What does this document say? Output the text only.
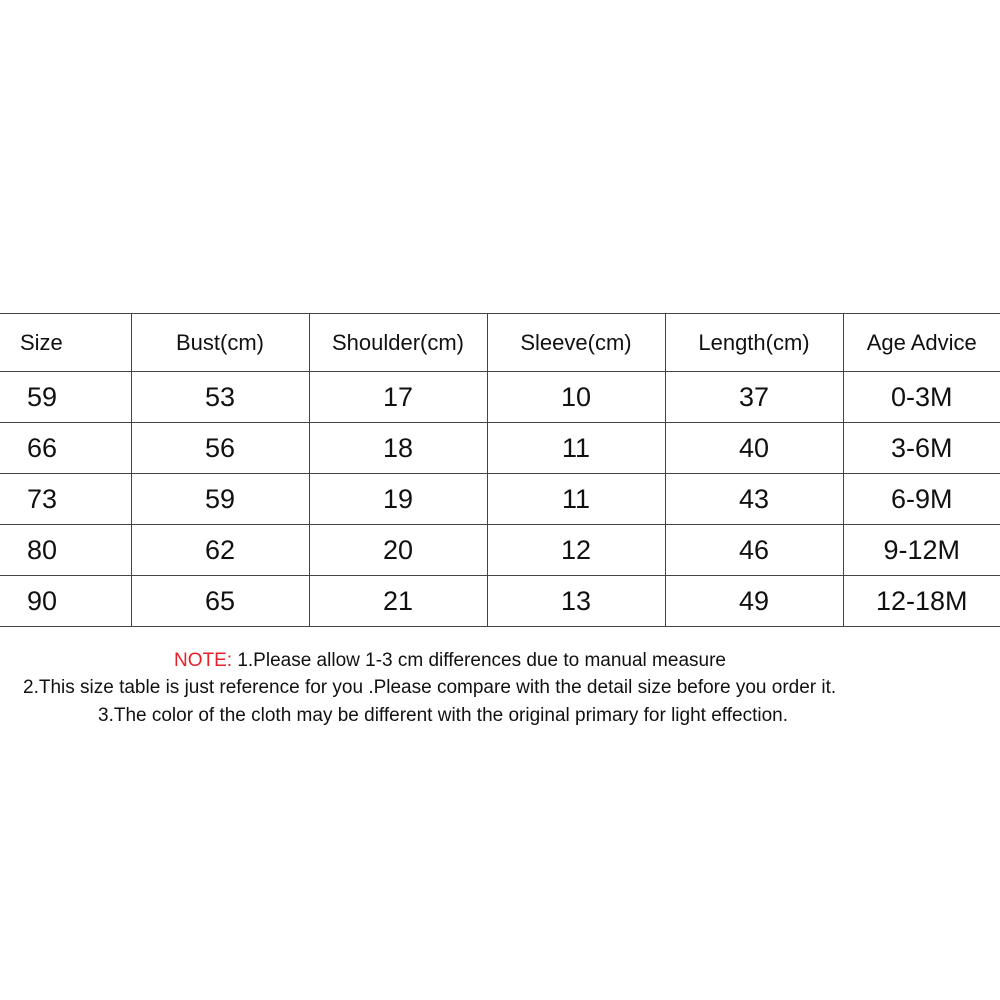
Size	Bust(cm)	Shoulder(cm)	Sleeve(cm)	Length(cm)	Age Advice
59	53	17	10	37	0-3M
66	56	18	11	40	3-6M
73	59	19	11	43	6-9M
80	62	20	12	46	9-12M
90	65	21	13	49	12-18M
NOTE: 1.Please allow 1-3 cm differences due to manual measure
2.This size table is just reference for you .Please compare with the detail size before you order it.
3.The color of the cloth may be different with the original primary for light effection.
